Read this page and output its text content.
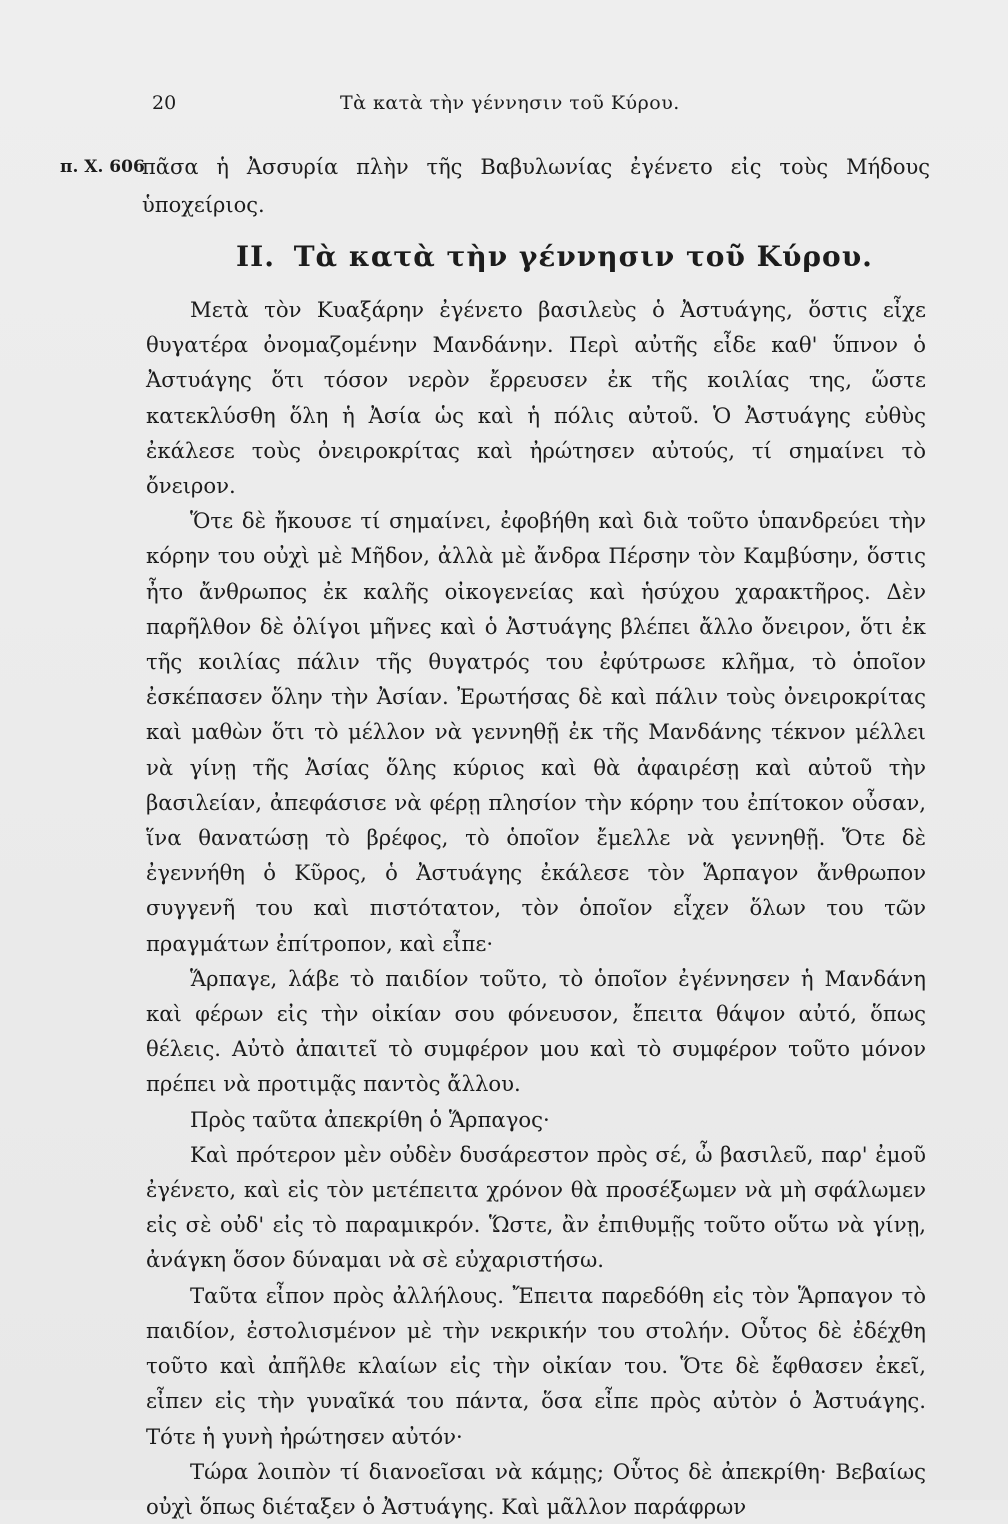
20	Τὰ κατὰ τὴν γέννησιν τοῦ Κύρου.
π. Χ. 606
πᾶσα ἡ Ἀσσυρία πλὴν τῆς Βαβυλωνίας ἐγένετο εἰς τοὺς Μήδους ὑποχείριος.
ΙΙ. Τὰ κατὰ τὴν γέννησιν τοῦ Κύρου.

Μετὰ τὸν Κυαξάρην ἐγένετο βασιλεὺς ὁ Ἀστυάγης, ὅστις εἶχε θυγατέρα ὀνομαζομένην Μανδάνην. Περὶ αὐτῆς εἶδε καθ' ὕπνον ὁ Ἀστυάγης ὅτι τόσον νερὸν ἔρρευσεν ἐκ τῆς κοιλίας της, ὥστε κατεκλύσθη ὅλη ἡ Ἀσία ὡς καὶ ἡ πόλις αὐτοῦ. Ὁ Ἀστυάγης εὐθὺς ἐκάλεσε τοὺς ὀνειροκρίτας καὶ ἠρώτησεν αὐτούς, τί σημαίνει τὸ ὄνειρον.

Ὅτε δὲ ἤκουσε τί σημαίνει, ἐφοβήθη καὶ διὰ τοῦτο ὑπανδρεύει τὴν κόρην του οὐχὶ μὲ Μῆδον, ἀλλὰ μὲ ἄνδρα Πέρσην τὸν Καμβύσην, ὅστις ἦτο ἄνθρωπος ἐκ καλῆς οἰκογενείας καὶ ἡσύχου χαρακτῆρος. Δὲν παρῆλθον δὲ ὀλίγοι μῆνες καὶ ὁ Ἀστυάγης βλέπει ἄλλο ὄνειρον, ὅτι ἐκ τῆς κοιλίας πάλιν τῆς θυγατρός του ἐφύτρωσε κλῆμα, τὸ ὁποῖον ἐσκέπασεν ὅλην τὴν Ἀσίαν. Ἐρωτήσας δὲ καὶ πάλιν τοὺς ὀνειροκρίτας καὶ μαθὼν ὅτι τὸ μέλλον νὰ γεννηθῇ ἐκ τῆς Μανδάνης τέκνον μέλλει νὰ γίνῃ τῆς Ἀσίας ὅλης κύριος καὶ θὰ ἀφαιρέσῃ καὶ αὐτοῦ τὴν βασιλείαν, ἀπεφάσισε νὰ φέρῃ πλησίον τὴν κόρην του ἐπίτοκον οὖσαν, ἵνα θανατώσῃ τὸ βρέφος, τὸ ὁποῖον ἔμελλε νὰ γεννηθῇ. Ὅτε δὲ ἐγεννήθη ὁ Κῦρος, ὁ Ἀστυάγης ἐκάλεσε τὸν Ἅρπαγον ἄνθρωπον συγγενῆ του καὶ πιστότατον, τὸν ὁποῖον εἶχεν ὅλων του τῶν πραγμάτων ἐπίτροπον, καὶ εἶπε·

Ἅρπαγε, λάβε τὸ παιδίον τοῦτο, τὸ ὁποῖον ἐγέννησεν ἡ Μανδάνη καὶ φέρων εἰς τὴν οἰκίαν σου φόνευσον, ἔπειτα θάψον αὐτό, ὅπως θέλεις. Αὐτὸ ἀπαιτεῖ τὸ συμφέρον μου καὶ τὸ συμφέρον τοῦτο μόνον πρέπει νὰ προτιμᾷς παντὸς ἄλλου.

Πρὸς ταῦτα ἀπεκρίθη ὁ Ἅρπαγος·

Καὶ πρότερον μὲν οὐδὲν δυσάρεστον πρὸς σέ, ὦ βασιλεῦ, παρ' ἐμοῦ ἐγένετο, καὶ εἰς τὸν μετέπειτα χρόνον θὰ προσέξωμεν νὰ μὴ σφάλωμεν εἰς σὲ οὐδ' εἰς τὸ παραμικρόν. Ὥστε, ἂν ἐπιθυμῇς τοῦτο οὕτω νὰ γίνῃ, ἀνάγκη ὅσον δύναμαι νὰ σὲ εὐχαριστήσω.

Ταῦτα εἶπον πρὸς ἀλλήλους. Ἔπειτα παρεδόθη εἰς τὸν Ἅρπαγον τὸ παιδίον, ἐστολισμένον μὲ τὴν νεκρικήν του στολήν. Οὗτος δὲ ἐδέχθη τοῦτο καὶ ἀπῆλθε κλαίων εἰς τὴν οἰκίαν του. Ὅτε δὲ ἔφθασεν ἐκεῖ, εἶπεν εἰς τὴν γυναῖκά του πάντα, ὅσα εἶπε πρὸς αὐτὸν ὁ Ἀστυάγης. Τότε ἡ γυνὴ ἠρώτησεν αὐτόν·

Τώρα λοιπὸν τί διανοεῖσαι νὰ κάμῃς; Οὗτος δὲ ἀπεκρίθη· Βεβαίως οὐχὶ ὅπως διέταξεν ὁ Ἀστυάγης. Καὶ μᾶλλον παράφρων
